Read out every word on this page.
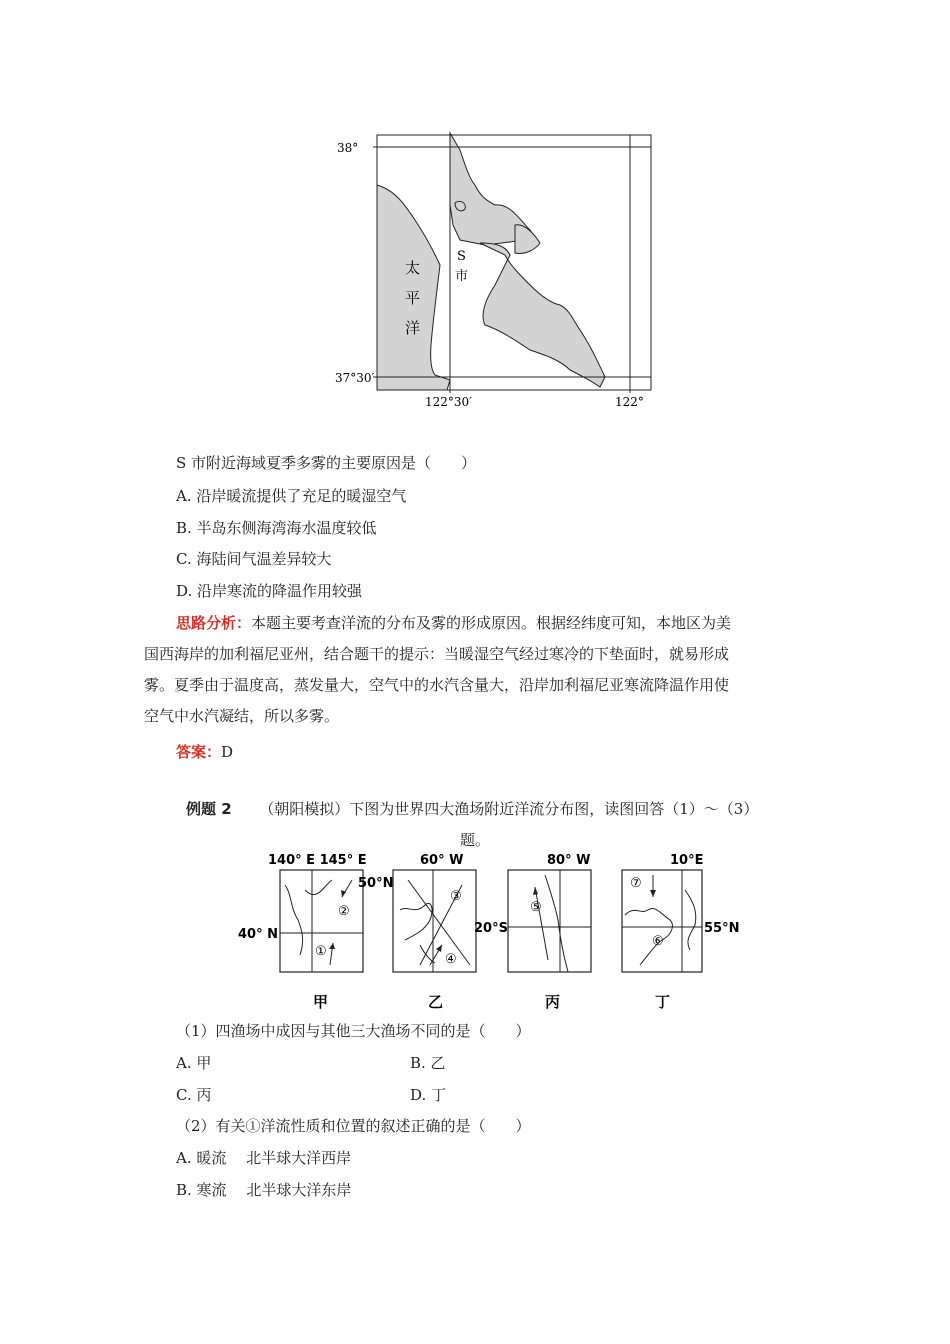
38°
37°30′
122°30′	122°
太
平
洋
S
市
S 市附近海域夏季多雾的主要原因是（　　）
A. 沿岸暖流提供了充足的暖湿空气
B. 半岛东侧海湾海水温度较低
C. 海陆间气温差异较大
D. 沿岸寒流的降温作用较强
思路分析：本题主要考查洋流的分布及雾的形成原因。根据经纬度可知，本地区为美
国西海岸的加利福尼亚州，结合题干的提示：当暖湿空气经过寒冷的下垫面时，就易形成
雾。夏季由于温度高，蒸发量大，空气中的水汽含量大，沿岸加利福尼亚寒流降温作用使
空气中水汽凝结，所以多雾。
答案：D
例题 2 （朝阳模拟）下图为世界四大渔场附近洋流分布图，读图回答（1）～（3）
题。
②
①
140° E 145° E
50°N
40° N
甲
③
④
60° W
乙
⑤
80° W
20°S
丙
⑦
⑥
10°E
55°N
丁
（1）四渔场中成因与其他三大渔场不同的是（　　）
A. 甲	B. 乙
C. 丙	D. 丁
（2）有关①洋流性质和位置的叙述正确的是（　　）
A. 暖流　 北半球大洋西岸
B. 寒流　 北半球大洋东岸
